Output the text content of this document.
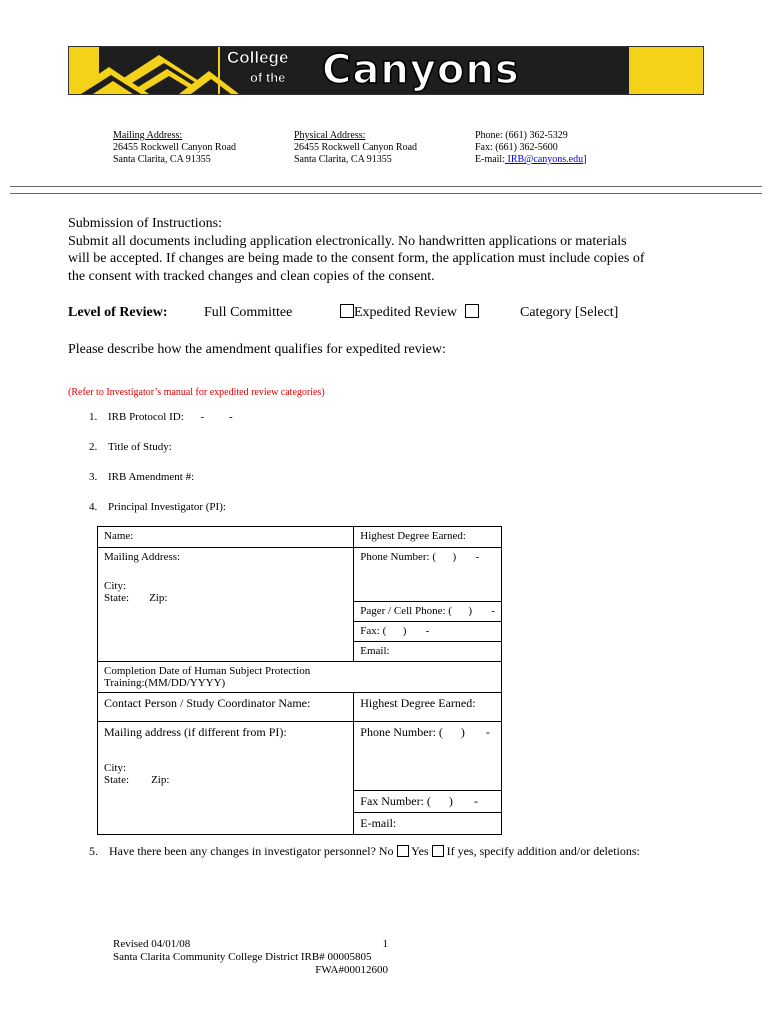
College
of the Canyons
Mailing Address:
26455 Rockwell Canyon Road
Santa Clarita, CA 91355
Physical Address:
26455 Rockwell Canyon Road
Santa Clarita, CA 91355
Phone: (661) 362-5329
Fax: (661) 362-5600
E-mail: IRB@canyons.edu]
Submission of Instructions:
Submit all documents including application electronically. No handwritten applications or materials
will be accepted. If changes are being made to the consent form, the application must include copies of
the consent with tracked changes and clean copies of the consent.
Level of Review:	Full Committee	Expedited Review	Category [Select]
Please describe how the amendment qualifies for expedited review:
(Refer to Investigator’s manual for expedited review categories)
1. IRB Protocol ID: -         -
2. Title of Study:
3. IRB Amendment #:
4. Principal Investigator (PI):
Name:	Highest Degree Earned:

Mailing Address:
City:
State: Zip:	Phone Number: (      )       -
	Pager / Cell Phone: (      )       -
	Fax: (      )       -
	Email:

Completion Date of Human Subject Protection
Training:(MM/DD/YYYY)	

Contact Person / Study Coordinator Name:	Highest Degree Earned:

Mailing address (if different from PI):
City:
State: Zip:	Phone Number: (      )       -
	Fax Number: (      )       -
	E-mail:
5. Have there been any changes in investigator personnel? No Yes If yes, specify addition and/or deletions:
Revised 04/01/08	1
Santa Clarita Community College District IRB# 00005805
FWA#00012600
